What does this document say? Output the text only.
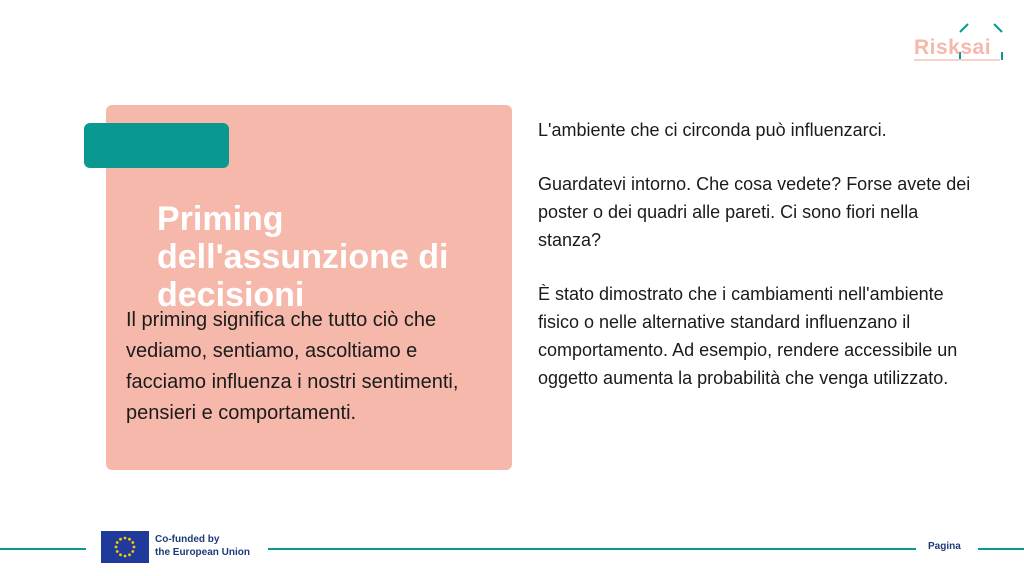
Risksai
Priming dell'assunzione di decisioni

Il priming significa che tutto ciò che vediamo, sentiamo, ascoltiamo e facciamo influenza i nostri sentimenti, pensieri e comportamenti.

L'ambiente che ci circonda può influenzarci.

Guardatevi intorno. Che cosa vedete? Forse avete dei poster o dei quadri alle pareti. Ci sono fiori nella stanza?

È stato dimostrato che i cambiamenti nell'ambiente fisico o nelle alternative standard influenzano il comportamento. Ad esempio, rendere accessibile un oggetto aumenta la probabilità che venga utilizzato.

Co-funded by
the European Union
Pagina
